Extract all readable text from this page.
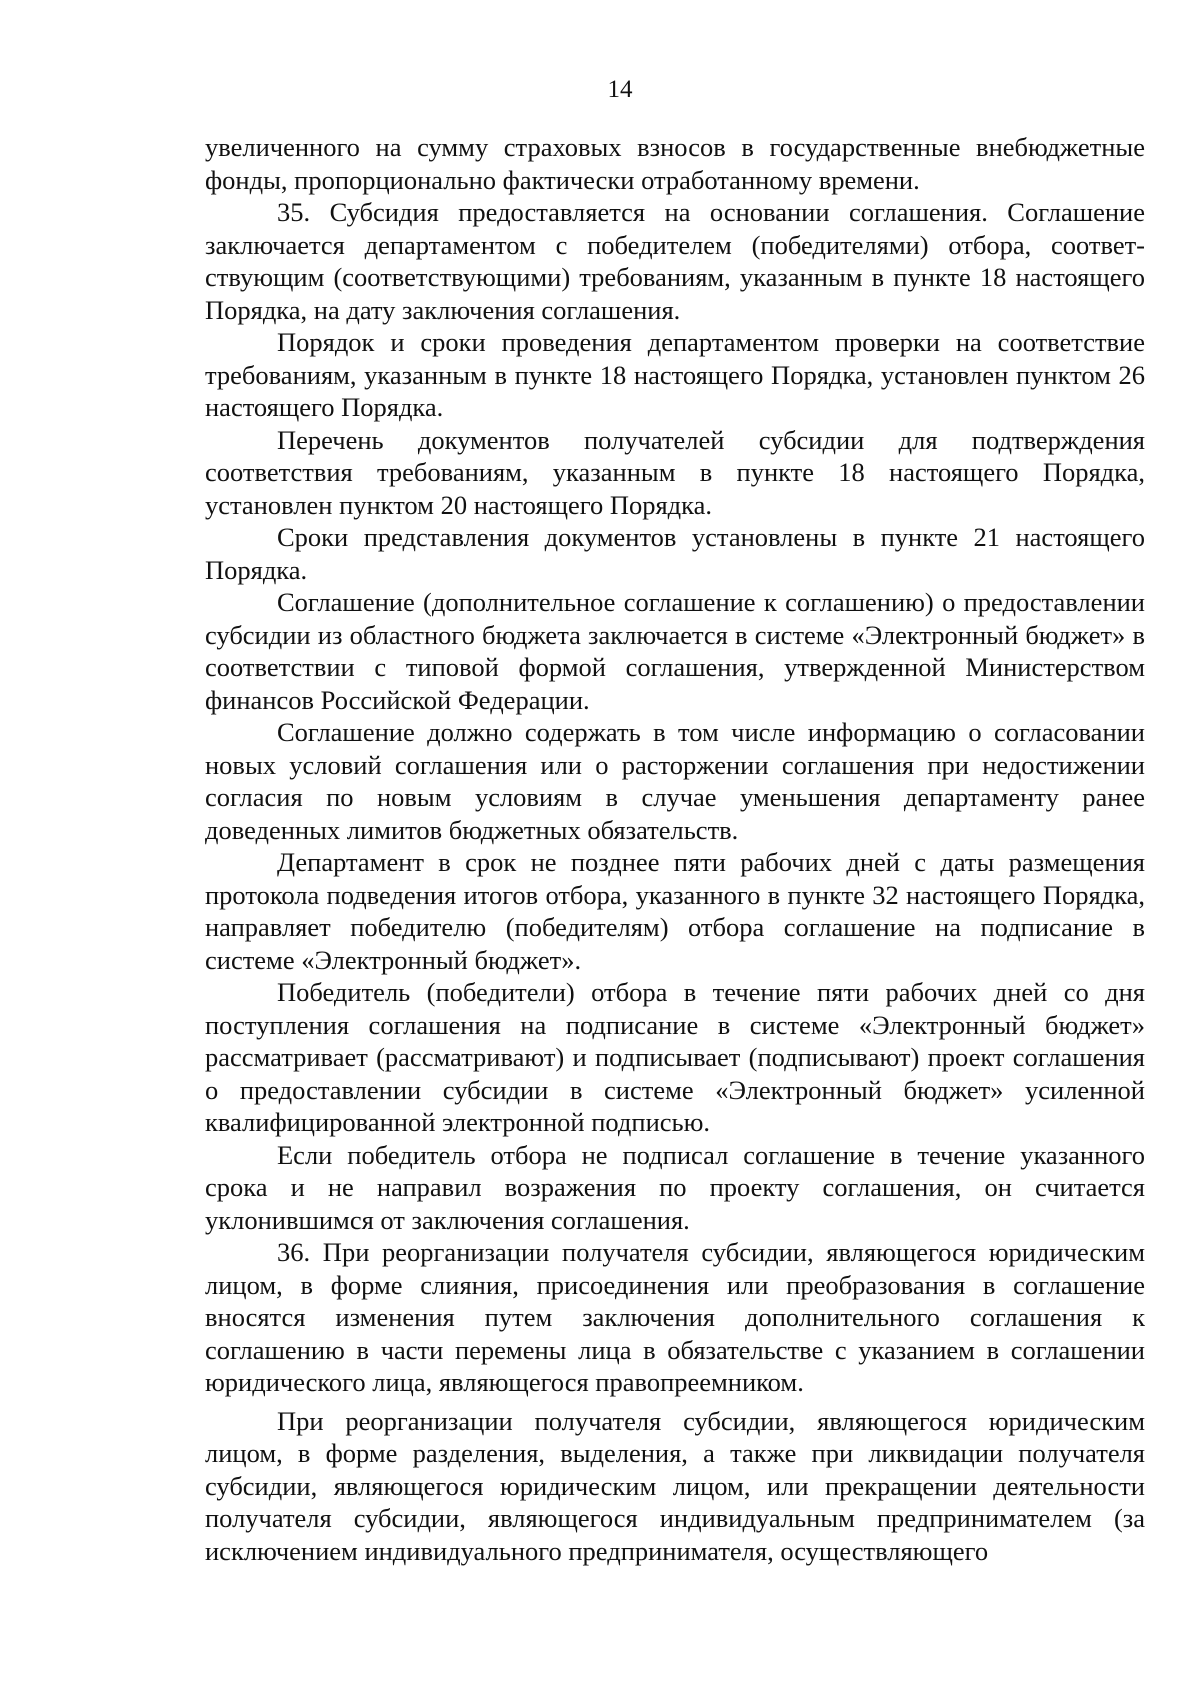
14

увеличенного на сумму страховых взносов в государственные внебюджетные фонды, пропорционально фактически отработанному времени.

35. Субсидия предоставляется на основании соглашения. Соглашение заключается департаментом с победителем (победителями) отбора, соответствующим (соответствующими) требованиям, указанным в пункте 18 настоящего Порядка, на дату заключения соглашения.

Порядок и сроки проведения департаментом проверки на соответствие требованиям, указанным в пункте 18 настоящего Порядка, установлен пунктом 26 настоящего Порядка.

Перечень документов получателей субсидии для подтверждения соответствия требованиям, указанным в пункте 18 настоящего Порядка, установлен пунктом 20 настоящего Порядка.

Сроки представления документов установлены в пункте 21 настоящего Порядка.

Соглашение (дополнительное соглашение к соглашению) о предоставлении субсидии из областного бюджета заключается в системе «Электронный бюджет» в соответствии с типовой формой соглашения, утвержденной Министерством финансов Российской Федерации.

Соглашение должно содержать в том числе информацию о согласовании новых условий соглашения или о расторжении соглашения при недостижении согласия по новым условиям в случае уменьшения департаменту ранее доведенных лимитов бюджетных обязательств.

Департамент в срок не позднее пяти рабочих дней с даты размещения протокола подведения итогов отбора, указанного в пункте 32 настоящего Порядка, направляет победителю (победителям) отбора соглашение на подписание в системе «Электронный бюджет».

Победитель (победители) отбора в течение пяти рабочих дней со дня поступления соглашения на подписание в системе «Электронный бюджет» рассматривает (рассматривают) и подписывает (подписывают) проект соглашения о предоставлении субсидии в системе «Электронный бюджет» усиленной квалифицированной электронной подписью.

Если победитель отбора не подписал соглашение в течение указанного срока и не направил возражения по проекту соглашения, он считается уклонившимся от заключения соглашения.

36. При реорганизации получателя субсидии, являющегося юридическим лицом, в форме слияния, присоединения или преобразования в соглашение вносятся изменения путем заключения дополнительного соглашения к соглашению в части перемены лица в обязательстве с указанием в соглашении юридического лица, являющегося правопреемником.

При реорганизации получателя субсидии, являющегося юридическим лицом, в форме разделения, выделения, а также при ликвидации получателя субсидии, являющегося юридическим лицом, или прекращении деятельности получателя субсидии, являющегося индивидуальным предпринимателем (за исключением индивидуального предпринимателя, осуществляющего
